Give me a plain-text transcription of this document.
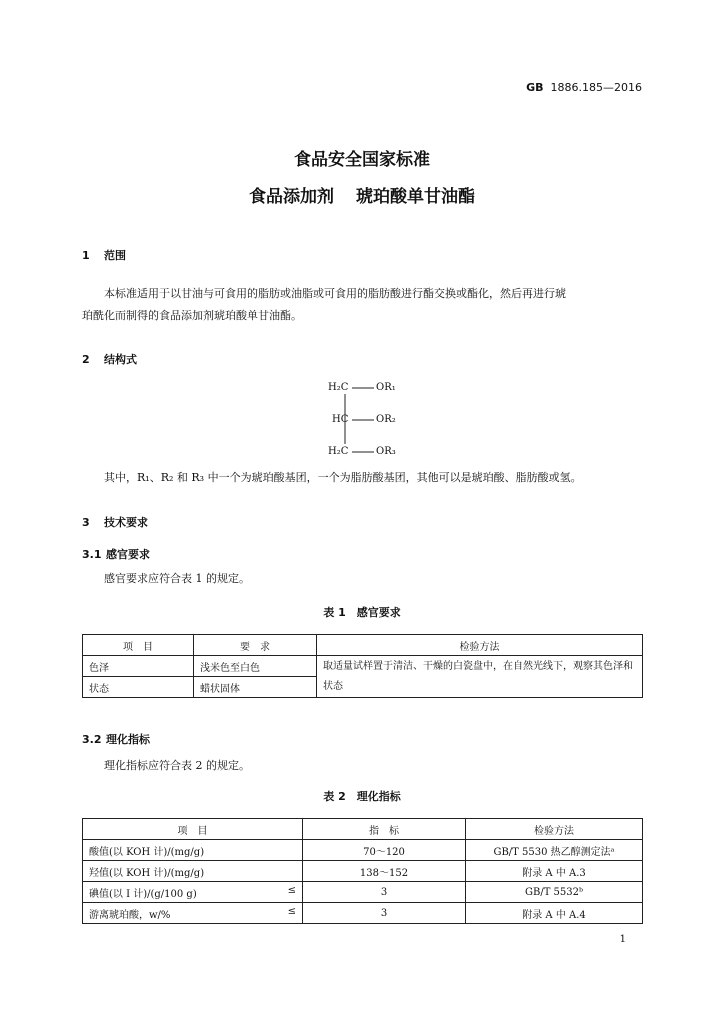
GB 1886.185—2016
食品安全国家标准
食品添加剂 琥珀酸单甘油酯
1 范围
本标准适用于以甘油与可食用的脂肪或油脂或可食用的脂肪酸进行酯交换或酯化，然后再进行琥
珀酰化而制得的食品添加剂琥珀酸单甘油酯。
2 结构式
H₂C	OR₁
HC	OR₂
H₂C	OR₃
其中，R₁、R₂ 和 R₃ 中一个为琥珀酸基团，一个为脂肪酸基团，其他可以是琥珀酸、脂肪酸或氢。
3 技术要求
3.1 感官要求
感官要求应符合表 1 的规定。
表 1　感官要求
项　目	要　求	检验方法
色泽	浅米色至白色	取适量试样置于清洁、干燥的白瓷盘中，在自然光线下，观察其色泽和状态
状态	蜡状固体	
3.2 理化指标
理化指标应符合表 2 的规定。
表 2　理化指标
项　目	指　标	检验方法
酸值(以 KOH 计)/(mg/g)	70～120	GB/T 5530 热乙醇测定法ᵃ
羟值(以 KOH 计)/(mg/g)	138～152	附录 A 中 A.3
碘值(以 I 计)/(g/100 g) ≤	3	GB/T 5532ᵇ
游离琥珀酸，w/% ≤	3	附录 A 中 A.4
1
